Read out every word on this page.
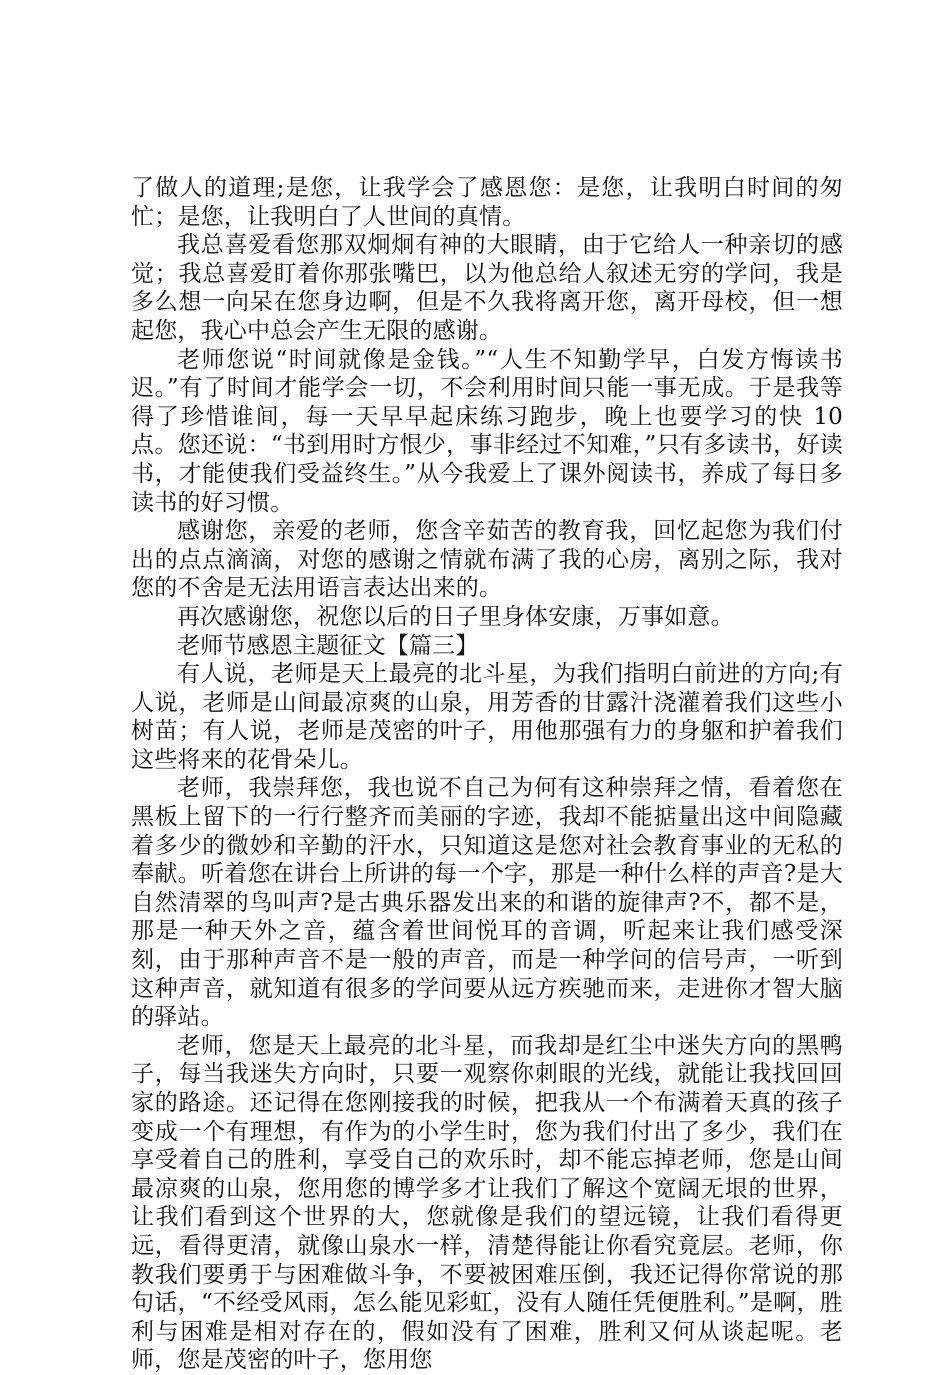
了做人的道理;是您，让我学会了感恩您：是您，让我明白时间的匆忙；是您，让我明白了人世间的真情。

我总喜爱看您那双炯炯有神的大眼睛，由于它给人一种亲切的感觉；我总喜爱盯着你那张嘴巴，以为他总给人叙述无穷的学问，我是多么想一向呆在您身边啊，但是不久我将离开您，离开母校，但一想起您，我心中总会产生无限的感谢。

老师您说“时间就像是金钱。”“人生不知勤学早，白发方悔读书迟。”有了时间才能学会一切，不会利用时间只能一事无成。于是我等得了珍惜谁间，每一天早早起床练习跑步，晚上也要学习的快 10 点。您还说：“书到用时方恨少，事非经过不知难，”只有多读书，好读书，才能使我们受益终生。”从今我爱上了课外阅读书，养成了每日多读书的好习惯。

感谢您，亲爱的老师，您含辛茹苦的教育我，回忆起您为我们付出的点点滴滴，对您的感谢之情就布满了我的心房，离别之际，我对您的不舍是无法用语言表达出来的。

再次感谢您，祝您以后的日子里身体安康，万事如意。

老师节感恩主题征文【篇三】

有人说，老师是天上最亮的北斗星，为我们指明白前进的方向;有人说，老师是山间最凉爽的山泉，用芳香的甘露汁浇灌着我们这些小树苗；有人说，老师是茂密的叶子，用他那强有力的身躯和护着我们这些将来的花骨朵儿。

老师，我崇拜您，我也说不自己为何有这种崇拜之情，看着您在黑板上留下的一行行整齐而美丽的字迹，我却不能掂量出这中间隐藏着多少的微妙和辛勤的汗水，只知道这是您对社会教育事业的无私的奉献。听着您在讲台上所讲的每一个字，那是一种什么样的声音?是大自然清翠的鸟叫声?是古典乐器发出来的和谐的旋律声?不，都不是，那是一种天外之音，蕴含着世间悦耳的音调，听起来让我们感受深刻，由于那种声音不是一般的声音，而是一种学问的信号声，一听到这种声音，就知道有很多的学问要从远方疾驰而来，走进你才智大脑的驿站。

老师，您是天上最亮的北斗星，而我却是红尘中迷失方向的黑鸭子，每当我迷失方向时，只要一观察你刺眼的光线，就能让我找回回家的路途。还记得在您刚接我的时候，把我从一个布满着天真的孩子变成一个有理想，有作为的小学生时，您为我们付出了多少，我们在享受着自己的胜利，享受自己的欢乐时，却不能忘掉老师，您是山间最凉爽的山泉，您用您的博学多才让我们了解这个宽阔无垠的世界，让我们看到这个世界的大，您就像是我们的望远镜，让我们看得更远，看得更清，就像山泉水一样，清楚得能让你看究竟层。老师，你教我们要勇于与困难做斗争，不要被困难压倒，我还记得你常说的那句话，“不经受风雨，怎么能见彩虹，没有人随任凭便胜利。”是啊，胜利与困难是相对存在的，假如没有了困难，胜利又何从谈起呢。老师，您是茂密的叶子，您用您
